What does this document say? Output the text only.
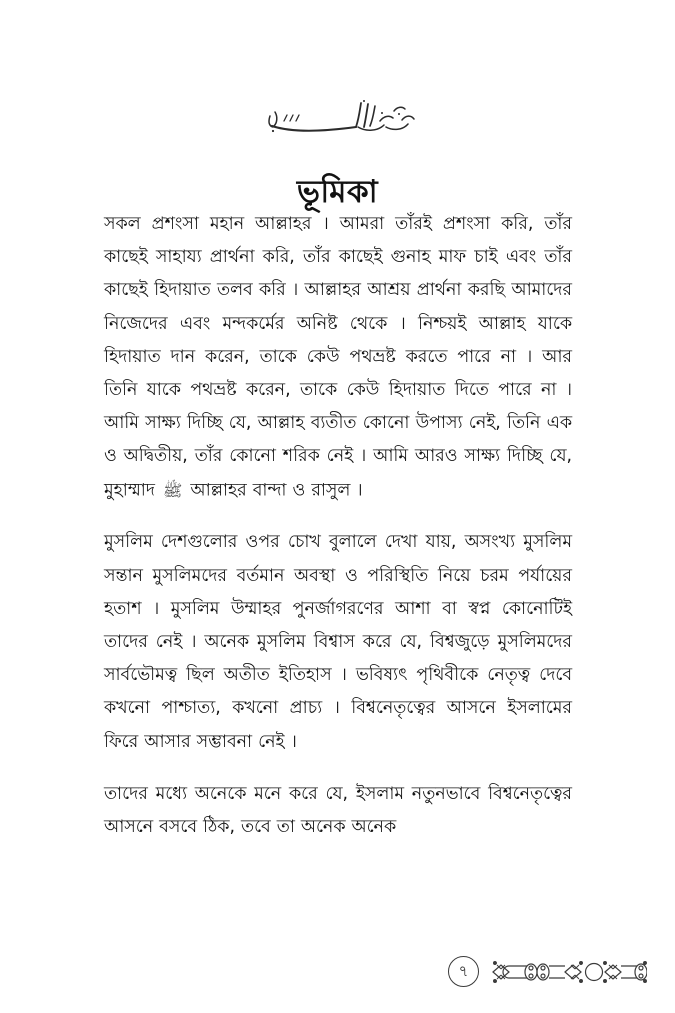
ভূমিকা

সকল প্রশংসা মহান আল্লাহর । আমরা তাঁরই প্রশংসা করি, তাঁর কাছেই সাহায্য প্রার্থনা করি, তাঁর কাছেই গুনাহ মাফ চাই এবং তাঁর কাছেই হিদায়াত তলব করি । আল্লাহর আশ্রয় প্রার্থনা করছি আমাদের নিজেদের এবং মন্দকর্মের অনিষ্ট থেকে । নিশ্চয়ই আল্লাহ যাকে হিদায়াত দান করেন, তাকে কেউ পথভ্রষ্ট করতে পারে না । আর তিনি যাকে পথভ্রষ্ট করেন, তাকে কেউ হিদায়াত দিতে পারে না । আমি সাক্ষ্য দিচ্ছি যে, আল্লাহ ব্যতীত কোনো উপাস্য নেই, তিনি এক ও অদ্বিতীয়, তাঁর কোনো শরিক নেই । আমি আরও সাক্ষ্য দিচ্ছি যে, মুহাম্মাদ ﷺ আল্লাহর বান্দা ও রাসুল ।

মুসলিম দেশগুলোর ওপর চোখ বুলালে দেখা যায়, অসংখ্য মুসলিম সন্তান মুসলিমদের বর্তমান অবস্থা ও পরিস্থিতি নিয়ে চরম পর্যায়ের হতাশ । মুসলিম উম্মাহর পুনর্জাগরণের আশা বা স্বপ্ন কোনোটিই তাদের নেই । অনেক মুসলিম বিশ্বাস করে যে, বিশ্বজুড়ে মুসলিমদের সার্বভৌমত্ব ছিল অতীত ইতিহাস । ভবিষ্যৎ পৃথিবীকে নেতৃত্ব দেবে কখনো পাশ্চাত্য, কখনো প্রাচ্য । বিশ্বনেতৃত্বের আসনে ইসলামের ফিরে আসার সম্ভাবনা নেই ।

তাদের মধ্যে অনেকে মনে করে যে, ইসলাম নতুনভাবে বিশ্বনেতৃত্বের আসনে বসবে ঠিক, তবে তা অনেক অনেক

৭
